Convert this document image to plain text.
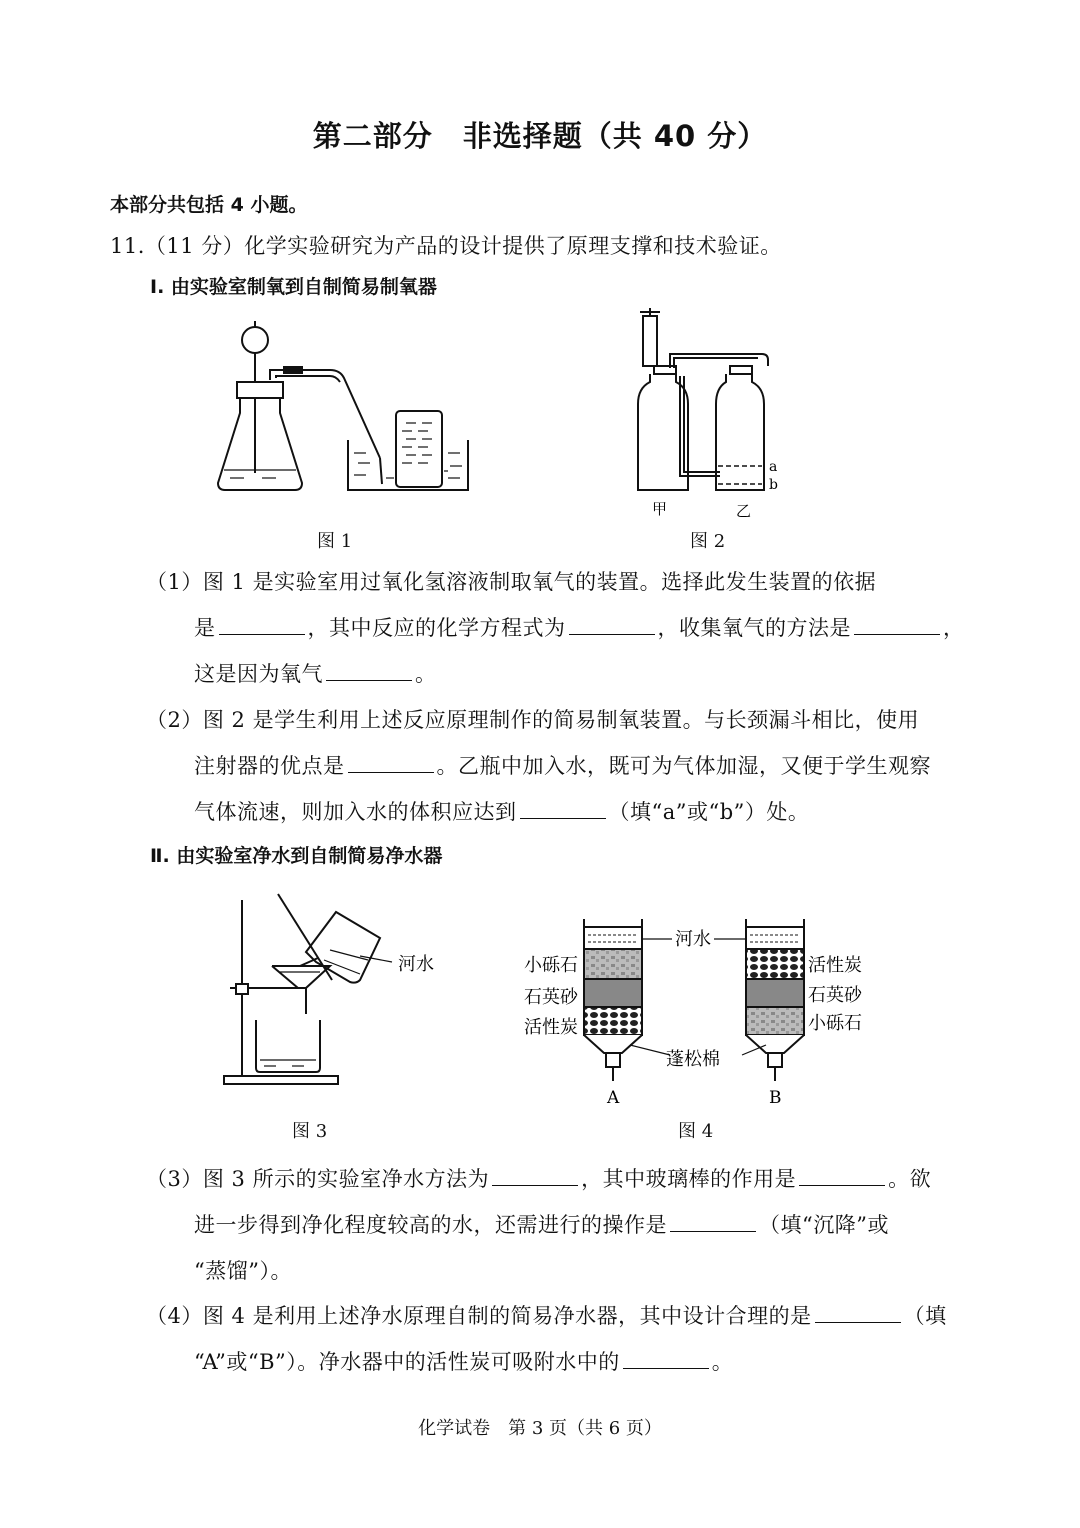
第二部分　非选择题（共 40 分）
本部分共包括 4 小题。
11.（11 分）化学实验研究为产品的设计提供了原理支撑和技术验证。
Ⅰ. 由实验室制氧到自制简易制氧器
图 1
a
b
甲	乙
图 2
（1）图 1 是实验室用过氧化氢溶液制取氧气的装置。选择此发生装置的依据
是	，其中反应的化学方程式为	，收集氧气的方法是	，
这是因为氧气	。
（2）图 2 是学生利用上述反应原理制作的简易制氧装置。与长颈漏斗相比，使用
注射器的优点是	。乙瓶中加入水，既可为气体加湿，又便于学生观察
气体流速，则加入水的体积应达到	（填“a”或“b”）处。
Ⅱ. 由实验室净水到自制简易净水器
河水
图 3
河水
小砾石
石英砂
活性炭
活性炭
石英砂
小砾石
蓬松棉
A	B
图 4
（3）图 3 所示的实验室净水方法为	，其中玻璃棒的作用是	。欲
进一步得到净化程度较高的水，还需进行的操作是	（填“沉降”或
“蒸馏”）。
（4）图 4 是利用上述净水原理自制的简易净水器，其中设计合理的是	（填
“A”或“B”）。净水器中的活性炭可吸附水中的	。
化学试卷　第 3 页（共 6 页）
